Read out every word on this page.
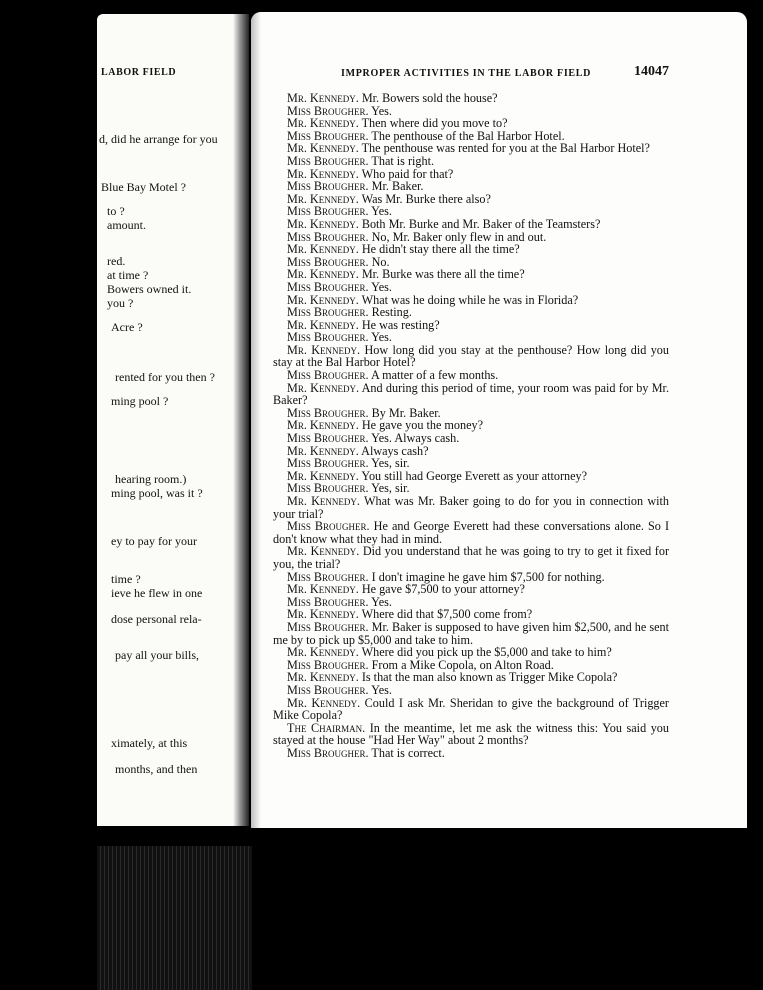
LABOR FIELD
d, did he arrange for you
Blue Bay Motel ?
to ?
amount.
red.
at time ?
Bowers owned it.
you ?
Acre ?
rented for you then ?
ming pool ?
hearing room.)
ming pool, was it ?
ey to pay for your
time ?
ieve he flew in one
dose personal rela-
pay all your bills,
ximately, at this
months, and then
IMPROPER ACTIVITIES IN THE LABOR FIELD	14047

Mr. Kennedy. Mr. Bowers sold the house?

Miss Brougher. Yes.

Mr. Kennedy. Then where did you move to?

Miss Brougher. The penthouse of the Bal Harbor Hotel.

Mr. Kennedy. The penthouse was rented for you at the Bal Harbor Hotel?

Miss Brougher. That is right.

Mr. Kennedy. Who paid for that?

Miss Brougher. Mr. Baker.

Mr. Kennedy. Was Mr. Burke there also?

Miss Brougher. Yes.

Mr. Kennedy. Both Mr. Burke and Mr. Baker of the Teamsters?

Miss Brougher. No, Mr. Baker only flew in and out.

Mr. Kennedy. He didn't stay there all the time?

Miss Brougher. No.

Mr. Kennedy. Mr. Burke was there all the time?

Miss Brougher. Yes.

Mr. Kennedy. What was he doing while he was in Florida?

Miss Brougher. Resting.

Mr. Kennedy. He was resting?

Miss Brougher. Yes.

Mr. Kennedy. How long did you stay at the penthouse? How long did you stay at the Bal Harbor Hotel?

Miss Brougher. A matter of a few months.

Mr. Kennedy. And during this period of time, your room was paid for by Mr. Baker?

Miss Brougher. By Mr. Baker.

Mr. Kennedy. He gave you the money?

Miss Brougher. Yes. Always cash.

Mr. Kennedy. Always cash?

Miss Brougher. Yes, sir.

Mr. Kennedy. You still had George Everett as your attorney?

Miss Brougher. Yes, sir.

Mr. Kennedy. What was Mr. Baker going to do for you in connection with your trial?

Miss Brougher. He and George Everett had these conversations alone. So I don't know what they had in mind.

Mr. Kennedy. Did you understand that he was going to try to get it fixed for you, the trial?

Miss Brougher. I don't imagine he gave him $7,500 for nothing.

Mr. Kennedy. He gave $7,500 to your attorney?

Miss Brougher. Yes.

Mr. Kennedy. Where did that $7,500 come from?

Miss Brougher. Mr. Baker is supposed to have given him $2,500, and he sent me by to pick up $5,000 and take to him.

Mr. Kennedy. Where did you pick up the $5,000 and take to him?

Miss Brougher. From a Mike Copola, on Alton Road.

Mr. Kennedy. Is that the man also known as Trigger Mike Copola?

Miss Brougher. Yes.

Mr. Kennedy. Could I ask Mr. Sheridan to give the background of Trigger Mike Copola?

The Chairman. In the meantime, let me ask the witness this: You said you stayed at the house "Had Her Way" about 2 months?

Miss Brougher. That is correct.
